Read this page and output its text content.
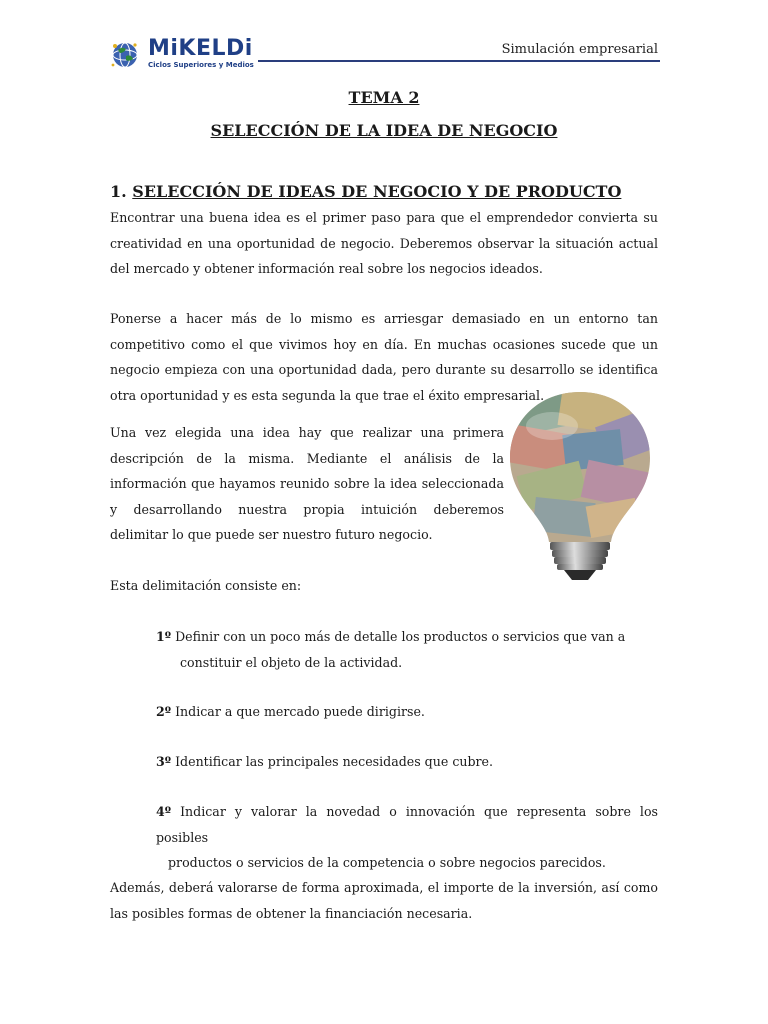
MiKELDi
Ciclos Superiores y Medios
Simulación empresarial
TEMA 2
SELECCIÓN DE LA IDEA DE NEGOCIO
1. SELECCIÓN DE IDEAS DE NEGOCIO Y DE PRODUCTO

Encontrar una buena idea es el primer paso para que el emprendedor convierta su creatividad en una oportunidad de negocio. Deberemos observar la situación actual del mercado y obtener información real sobre los negocios ideados.

Ponerse a hacer más de lo mismo es arriesgar demasiado en un entorno tan competitivo como el que vivimos hoy en día. En muchas ocasiones sucede que un negocio empieza con una oportunidad dada, pero durante su desarrollo se identifica otra oportunidad y es esta segunda la que trae el éxito empresarial.

Una vez elegida una idea hay que realizar una primera descripción de la misma. Mediante el análisis de la información que hayamos reunido sobre la idea seleccionada y desarrollando nuestra propia intuición deberemos delimitar lo que puede ser nuestro futuro negocio.

Esta delimitación consiste en:

1º Definir con un poco más de detalle los productos o servicios que van a
constituir el objeto de la actividad.

2º Indicar a que mercado puede dirigirse.

3º Identificar las principales necesidades que cubre.

4º Indicar y valorar la novedad o innovación que representa sobre los posibles
productos o servicios de la competencia o sobre negocios parecidos.

Además, deberá valorarse de forma aproximada, el importe de la inversión, así como las posibles formas de obtener la financiación necesaria.
